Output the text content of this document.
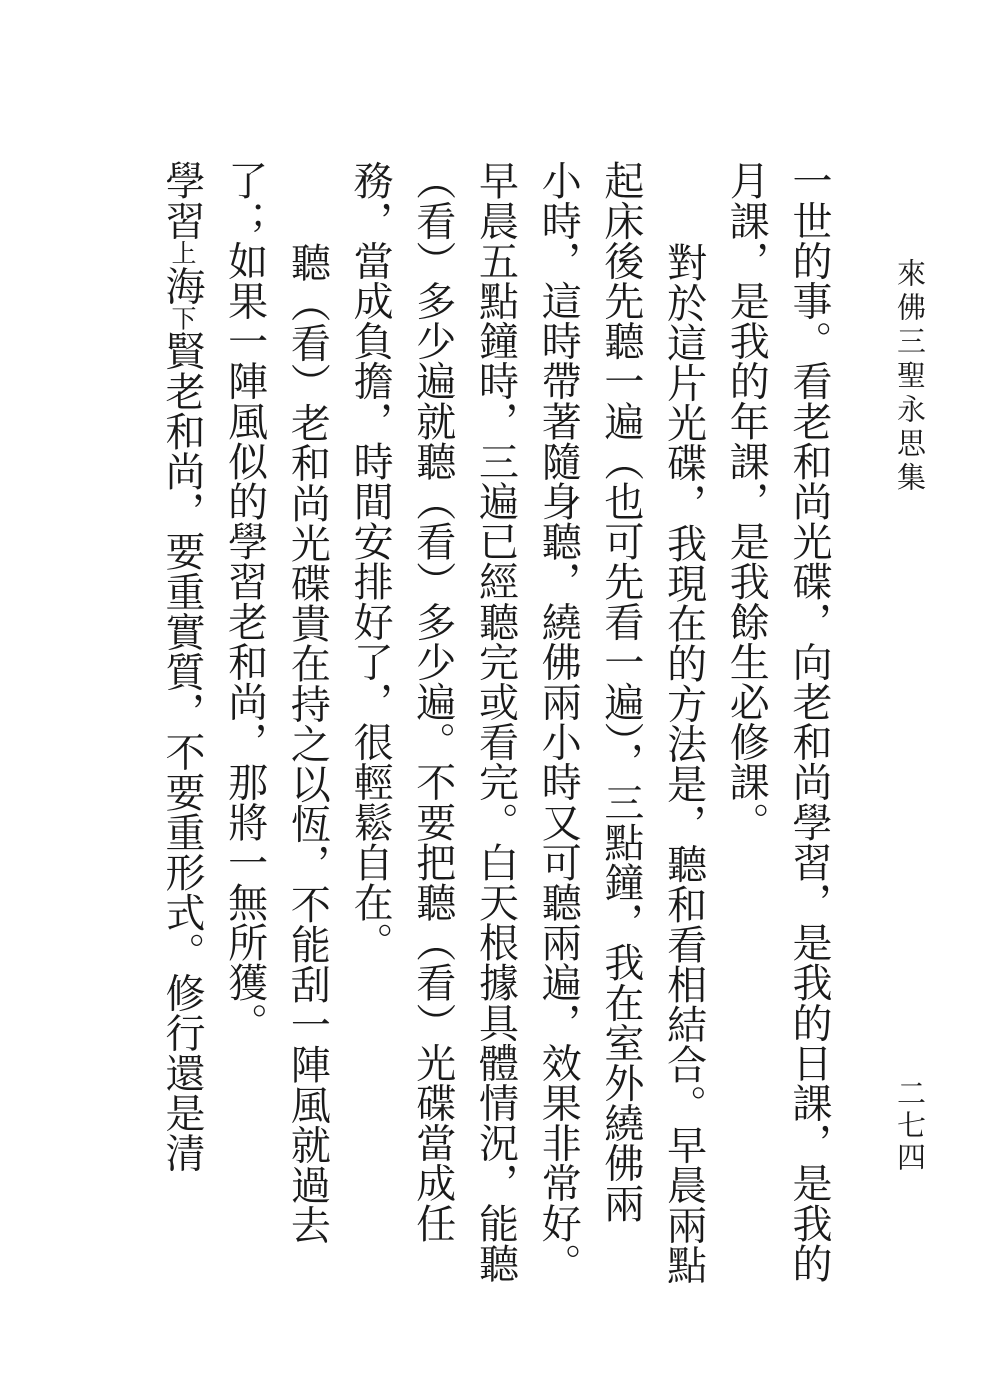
來佛三聖永思集
二七四
一世的事。看老和尚光碟，向老和尚學習，是我的日課，是我的
月課，是我的年課，是我餘生必修課。
對於這片光碟，我現在的方法是，聽和看相結合。早晨兩點
起床後先聽一遍（也可先看一遍），三點鐘，我在室外繞佛兩
小時，這時帶著隨身聽，繞佛兩小時又可聽兩遍，效果非常好。
早晨五點鐘時，三遍已經聽完或看完。白天根據具體情況，能聽
（看）多少遍就聽（看）多少遍。不要把聽（看）光碟當成任
務，當成負擔，時間安排好了，很輕鬆自在。
聽（看）老和尚光碟貴在持之以恆，不能刮一陣風就過去
了；如果一陣風似的學習老和尚，那將一無所獲。
學習上海下賢老和尚，要重實質，不要重形式。修行還是清
